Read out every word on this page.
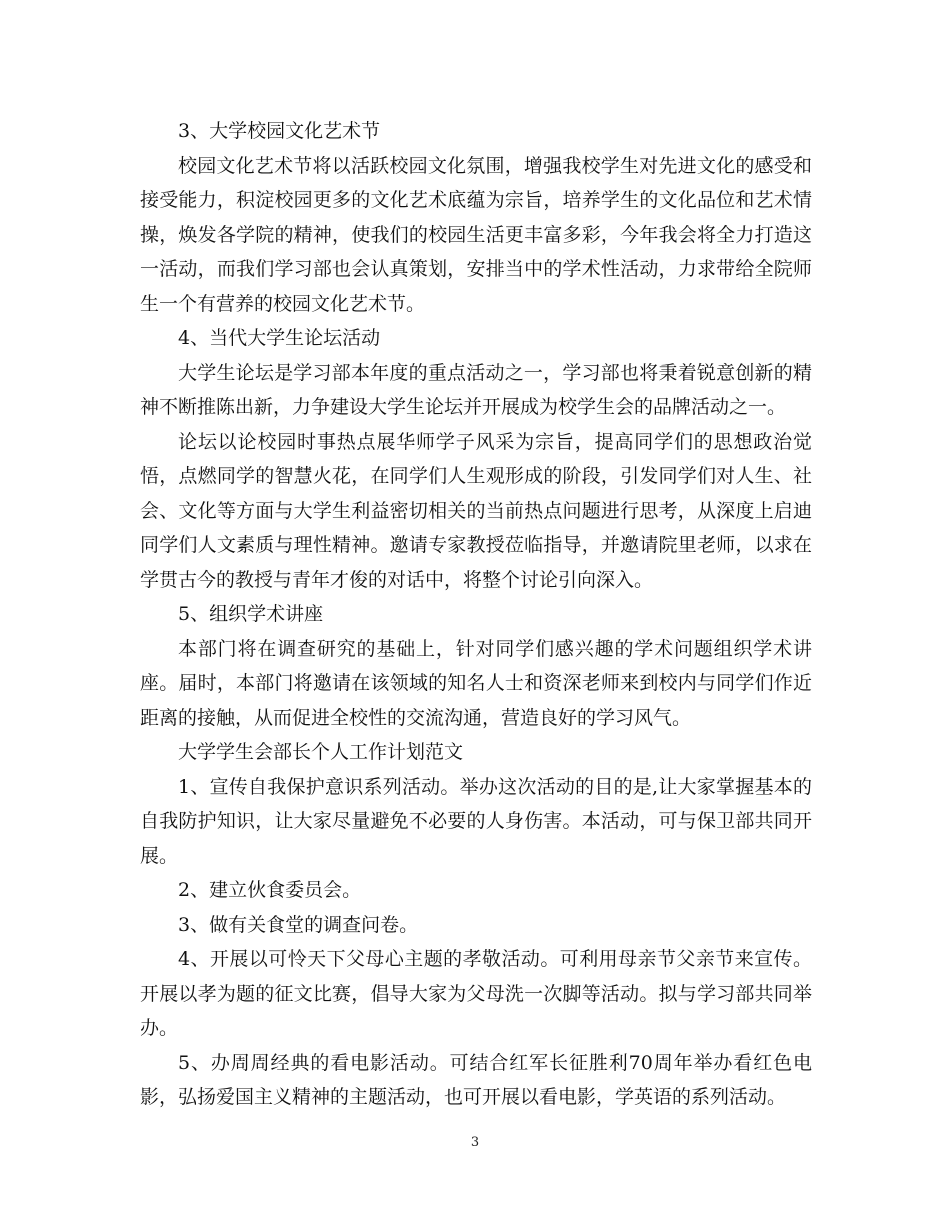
3、大学校园文化艺术节

校园文化艺术节将以活跃校园文化氛围，增强我校学生对先进文化的感受和接受能力，积淀校园更多的文化艺术底蕴为宗旨，培养学生的文化品位和艺术情操，焕发各学院的精神，使我们的校园生活更丰富多彩，今年我会将全力打造这一活动，而我们学习部也会认真策划，安排当中的学术性活动，力求带给全院师生一个有营养的校园文化艺术节。

4、当代大学生论坛活动

大学生论坛是学习部本年度的重点活动之一，学习部也将秉着锐意创新的精神不断推陈出新，力争建设大学生论坛并开展成为校学生会的品牌活动之一。

论坛以论校园时事热点展华师学子风采为宗旨，提高同学们的思想政治觉悟，点燃同学的智慧火花，在同学们人生观形成的阶段，引发同学们对人生、社会、文化等方面与大学生利益密切相关的当前热点问题进行思考，从深度上启迪同学们人文素质与理性精神。邀请专家教授莅临指导，并邀请院里老师，以求在学贯古今的教授与青年才俊的对话中，将整个讨论引向深入。

5、组织学术讲座

本部门将在调查研究的基础上，针对同学们感兴趣的学术问题组织学术讲座。届时，本部门将邀请在该领域的知名人士和资深老师来到校内与同学们作近距离的接触，从而促进全校性的交流沟通，营造良好的学习风气。

大学学生会部长个人工作计划范文

1、宣传自我保护意识系列活动。举办这次活动的目的是,让大家掌握基本的自我防护知识，让大家尽量避免不必要的人身伤害。本活动，可与保卫部共同开展。

2、建立伙食委员会。

3、做有关食堂的调查问卷。

4、开展以可怜天下父母心主题的孝敬活动。可利用母亲节父亲节来宣传。开展以孝为题的征文比赛，倡导大家为父母洗一次脚等活动。拟与学习部共同举办。

5、办周周经典的看电影活动。可结合红军长征胜利70周年举办看红色电影，弘扬爱国主义精神的主题活动，也可开展以看电影，学英语的系列活动。

3
